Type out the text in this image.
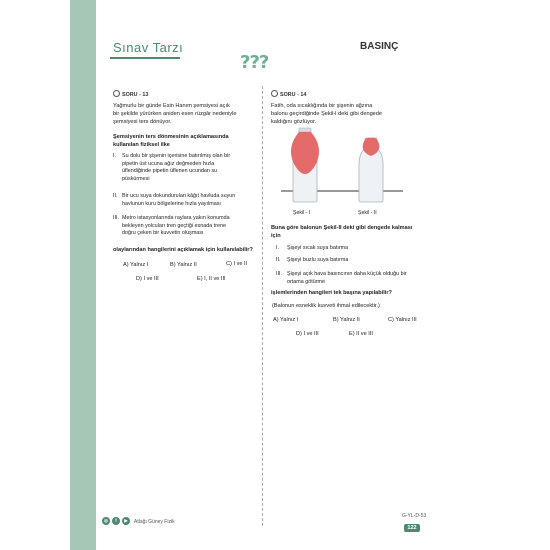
Sınav Tarzı
???
BASINÇ
SORU - 13
Yağmurlu bir günde Esin Hanım şemsiyesi açık
bir şekilde yürürken aniden esen rüzgâr nedeniyle
şemsiyesi ters dönüyor.
Şemsiyenin ters dönmesinin açıklamasında
kullanılan fiziksel ilke
I. Su dolu bir şişenin içerisine batırılmış olan bir
pipetin üst ucuna ağız değmeden hızla
üflendiğinde pipetin üflenen ucundan su
püskürmesi
II. Bir ucu suya dokundurulan kâğıt havluda suyun
havlunun kuru bölgelerine hızla yayılması
III. Metro istasyonlarında raylara yakın konumda
bekleyen yolcuları tren geçtiği esnada trene
doğru çeken bir kuvvetin oluşması
olaylarından hangilerini açıklamak için kullanılabilir?
A) Yalnız I	B) Yalnız II	C) I ve II
D) I ve III	E) I, II ve III
SORU - 14
Fatih, oda sıcaklığında bir şişenin ağzına
balonu geçirdiğinde Şekil-I deki gibi dengede
kaldığını gözlüyor.
Şekil - I	Şekil - II
Buna göre balonun Şekil-II deki gibi dengede kalması
için
I. Şişeyi sıcak suya batırma
II. Şişeyi buzlu suya batırma
III. Şişeyi açık hava basıncının daha küçük olduğu bir
ortama götürme
işlemlerinden hangileri tek başına yapılabilir?
(Balonun esneklik kuvveti ihmal edilecektir.)
A) Yalnız I	B) Yalnız II	C) Yalnız III
D) I ve III	E) II ve III
◎	f	▶	Atlağı Güney Fizik
G-YL-D-53
122
